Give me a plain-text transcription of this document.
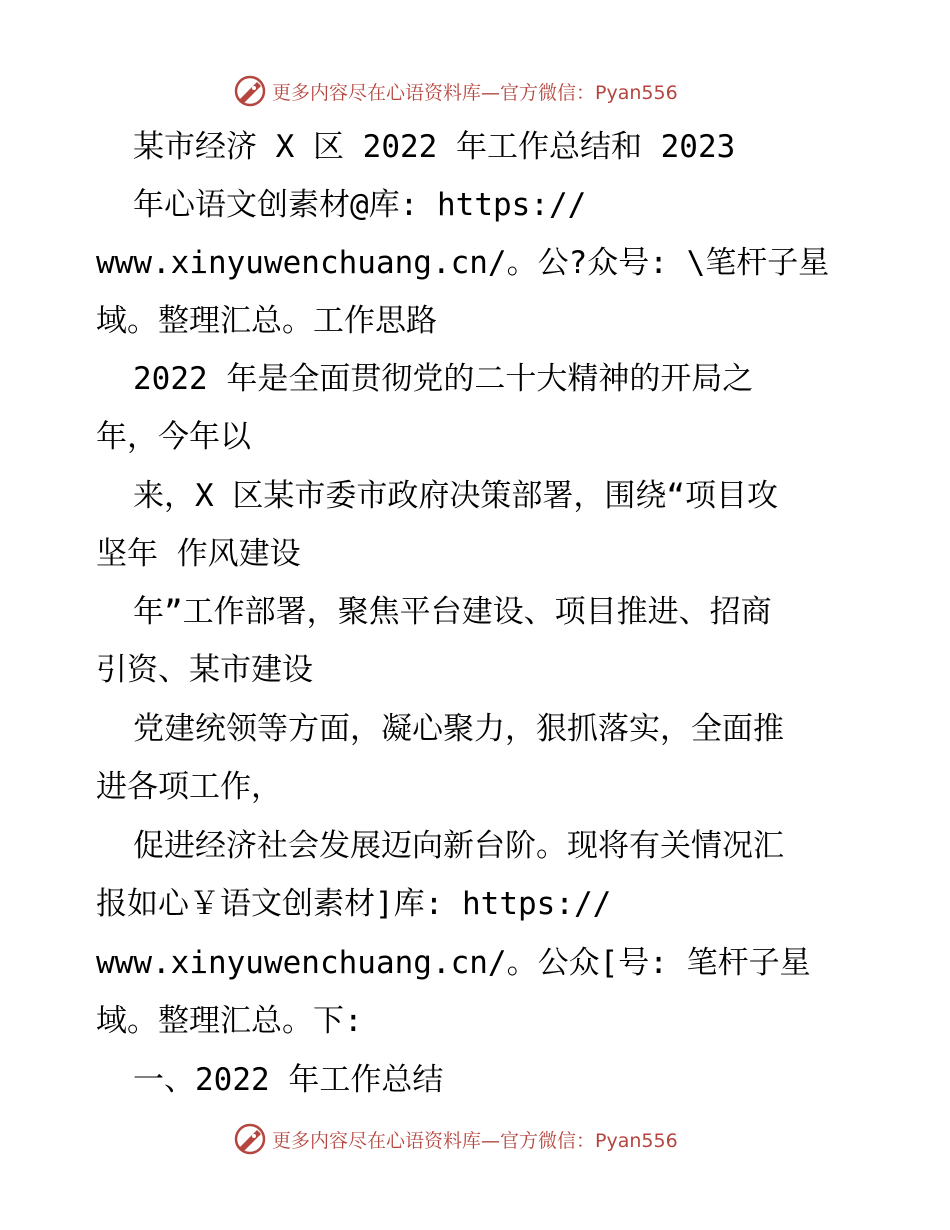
更多内容尽在心语资料库—官方微信：Pyan556
某市经济 X 区 2022 年工作总结和 2023
年心语文创素材@库: https://
www.xinyuwenchuang.cn/。公?众号: \笔杆子星
域。整理汇总。工作思路
2022 年是全面贯彻党的二十大精神的开局之
年，今年以
来，X 区某市委市政府决策部署，围绕“项目攻
坚年 作风建设
年”工作部署，聚焦平台建设、项目推进、招商
引资、某市建设
党建统领等方面，凝心聚力，狠抓落实，全面推
进各项工作，
促进经济社会发展迈向新台阶。现将有关情况汇
报如心￥语文创素材]库: https://
www.xinyuwenchuang.cn/。公众[号: 笔杆子星
域。整理汇总。下:
一、2022 年工作总结
更多内容尽在心语资料库—官方微信：Pyan556
